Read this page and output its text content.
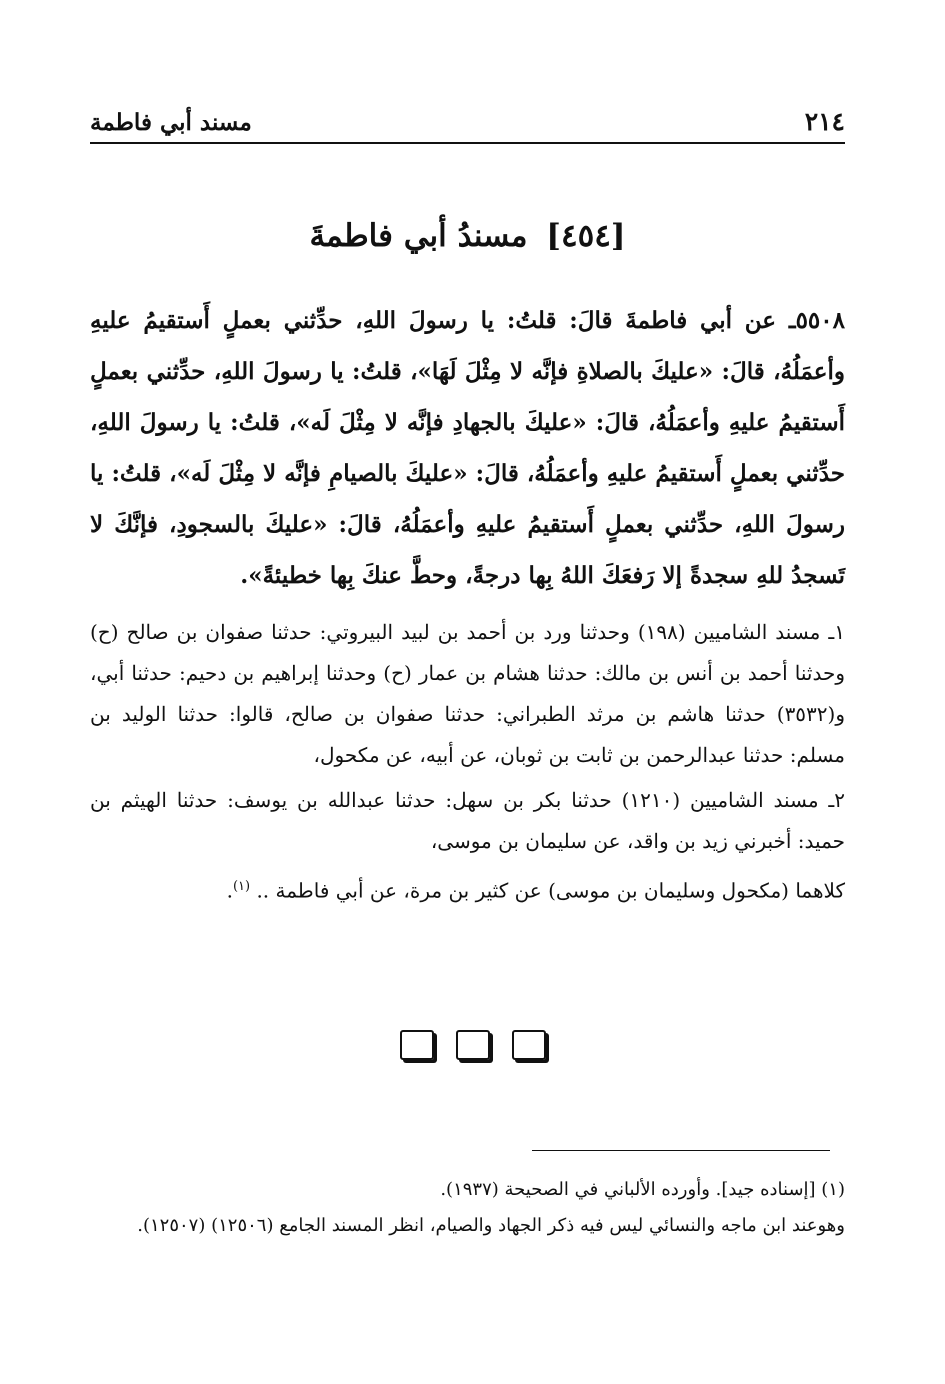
٢١٤
مسند أبي فاطمة
[٤٥٤] مسندُ أبي فاطمةَ
٥٥٠٨ـ عن أبي فاطمةَ قالَ: قلتُ: يا رسولَ اللهِ، حدِّثني بعملٍ أَستقيمُ عليهِ وأعمَلُهُ، قالَ: «عليكَ بالصلاةِ فإنَّه لا مِثْلَ لَهَا»، قلتُ: يا رسولَ اللهِ، حدِّثني بعملٍ أَستقيمُ عليهِ وأعمَلُهُ، قالَ: «عليكَ بالجهادِ فإنَّه لا مِثْلَ لَه»، قلتُ: يا رسولَ اللهِ، حدِّثني بعملٍ أَستقيمُ عليهِ وأعمَلُهُ، قالَ: «عليكَ بالصيامِ فإنَّه لا مِثْلَ لَه»، قلتُ: يا رسولَ اللهِ، حدِّثني بعملٍ أَستقيمُ عليهِ وأعمَلُهُ، قالَ: «عليكَ بالسجودِ، فإنَّكَ لا تَسجدُ للهِ سجدةً إلا رَفعَكَ اللهُ بِها درجةً، وحطَّ عنكَ بِها خطيئةً».

١ـ مسند الشاميين (١٩٨) وحدثنا ورد بن أحمد بن لبيد البيروتي: حدثنا صفوان بن صالح (ح) وحدثنا أحمد بن أنس بن مالك: حدثنا هشام بن عمار (ح) وحدثنا إبراهيم بن دحيم: حدثنا أبي، و(٣٥٣٢) حدثنا هاشم بن مرثد الطبراني: حدثنا صفوان بن صالح، قالوا: حدثنا الوليد بن مسلم: حدثنا عبدالرحمن بن ثابت بن ثوبان، عن أبيه، عن مكحول،

٢ـ مسند الشاميين (١٢١٠) حدثنا بكر بن سهل: حدثنا عبدالله بن يوسف: حدثنا الهيثم بن حميد: أخبرني زيد بن واقد، عن سليمان بن موسى،

كلاهما (مكحول وسليمان بن موسى) عن كثير بن مرة، عن أبي فاطمة .. $^{(١)}$.

(١) [إسناده جيد]. وأورده الألباني في الصحيحة (١٩٣٧).

وهوعند ابن ماجه والنسائي ليس فيه ذكر الجهاد والصيام، انظر المسند الجامع (١٢٥٠٦) (١٢٥٠٧).
